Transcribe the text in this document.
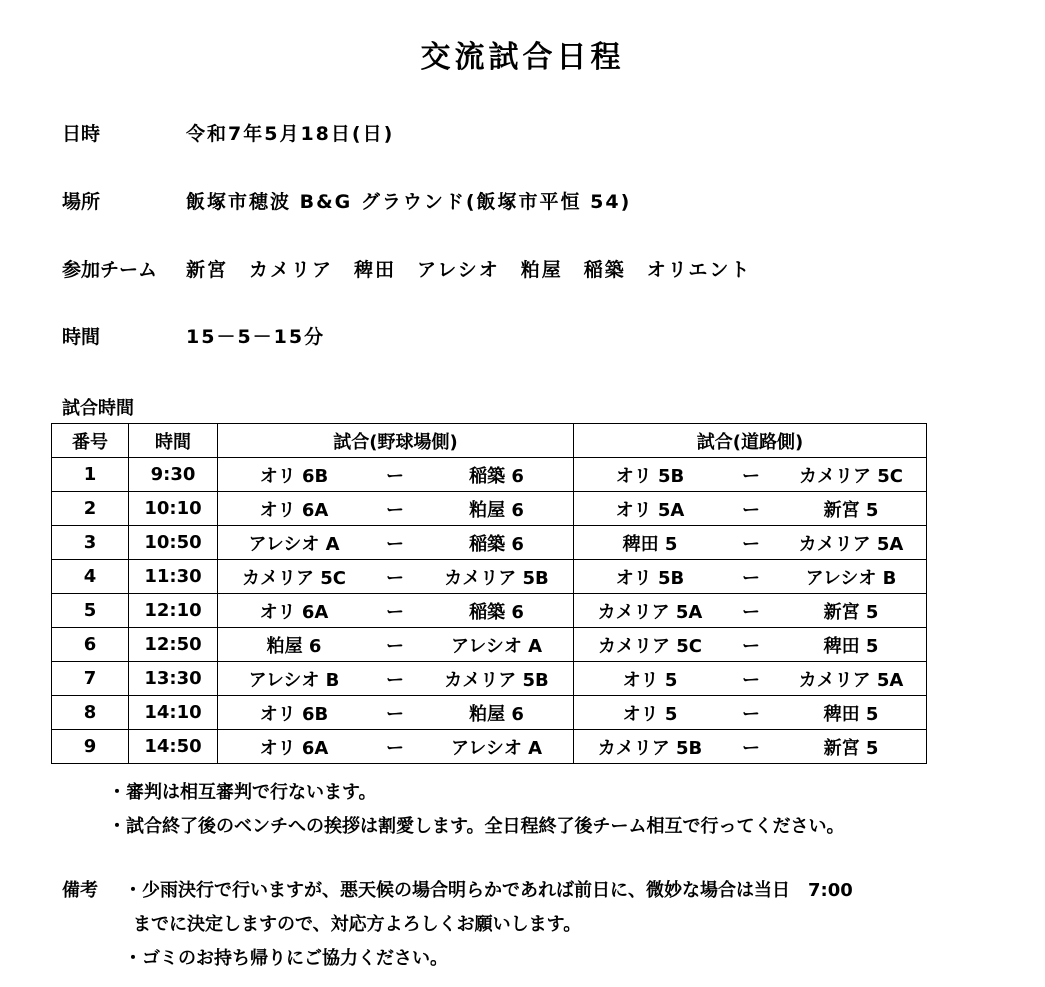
交流試合日程
日時	令和7年5月18日(日)
場所	飯塚市穂波 B&G グラウンド(飯塚市平恒 54)
参加チーム 新宮　カメリア　稗田　アレシオ　粕屋　稲築　オリエント
時間	15－5－15分
試合時間
番号	時間	試合(野球場側)	試合(道路側)
1	9:30	オリ 6B ー 稲築 6	オリ 5B ー カメリア 5C

2	10:10	オリ 6A ー 粕屋 6	オリ 5A ー 新宮 5

3	10:50	アレシオ A ー 稲築 6	稗田 5 ー カメリア 5A

4	11:30	カメリア 5C ー カメリア 5B	オリ 5B ー アレシオ B

5	12:10	オリ 6A ー 稲築 6	カメリア 5A ー 新宮 5

6	12:50	粕屋 6 ー アレシオ A	カメリア 5C ー 稗田 5

7	13:30	アレシオ B ー カメリア 5B	オリ 5 ー カメリア 5A

8	14:10	オリ 6B ー 粕屋 6	オリ 5 ー 稗田 5

9	14:50	オリ 6A ー アレシオ A	カメリア 5B ー 新宮 5
・審判は相互審判で行ないます。
・試合終了後のベンチへの挨拶は割愛します。全日程終了後チーム相互で行ってください。
備考 ・少雨決行で行いますが、悪天候の場合明らかであれば前日に、微妙な場合は当日　7:00
までに決定しますので、対応方よろしくお願いします。
・ゴミのお持ち帰りにご協力ください。
